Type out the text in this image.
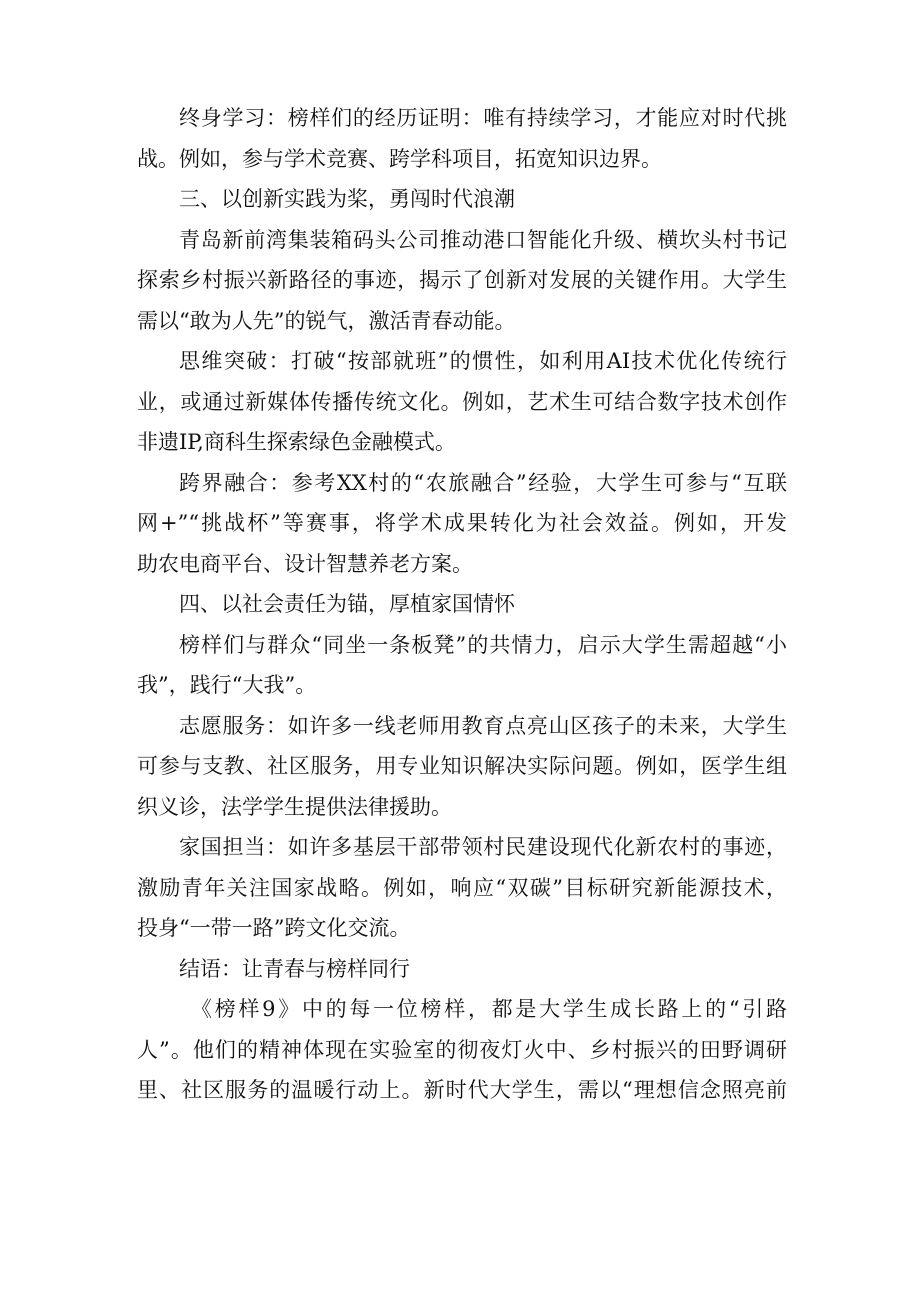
终身学习：榜样们的经历证明：唯有持续学习，才能应对时代挑
战。例如，参与学术竞赛、跨学科项目，拓宽知识边界。
三、以创新实践为桨，勇闯时代浪潮
青岛新前湾集装箱码头公司推动港口智能化升级、横坎头村书记
探索乡村振兴新路径的事迹，揭示了创新对发展的关键作用。大学生
需以“敢为人先”的锐气，激活青春动能。
思维突破：打破“按部就班”的惯性，如利用AI技术优化传统行
业，或通过新媒体传播传统文化。例如，艺术生可结合数字技术创作
非遗IP,商科生探索绿色金融模式。
跨界融合：参考XX村的“农旅融合”经验，大学生可参与“互联
网+”“挑战杯”等赛事，将学术成果转化为社会效益。例如，开发
助农电商平台、设计智慧养老方案。
四、以社会责任为锚，厚植家国情怀
榜样们与群众“同坐一条板凳”的共情力，启示大学生需超越“小
我”，践行“大我”。
志愿服务：如许多一线老师用教育点亮山区孩子的未来，大学生
可参与支教、社区服务，用专业知识解决实际问题。例如，医学生组
织义诊，法学学生提供法律援助。
家国担当：如许多基层干部带领村民建设现代化新农村的事迹，
激励青年关注国家战略。例如，响应“双碳”目标研究新能源技术，
投身“一带一路”跨文化交流。
结语：让青春与榜样同行
《榜样9》中的每一位榜样，都是大学生成长路上的“引路
人”。他们的精神体现在实验室的彻夜灯火中、乡村振兴的田野调研
里、社区服务的温暖行动上。新时代大学生，需以“理想信念照亮前
